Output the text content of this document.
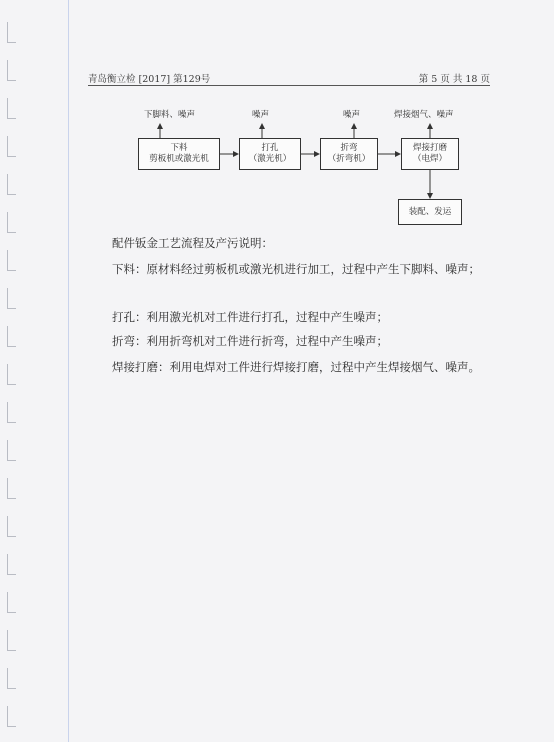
青岛衡立检 [2017] 第129号	第 5 页 共 18 页
下脚料、噪声	噪声	噪声	焊接烟气、噪声
下料
剪板机或激光机
打孔
（激光机）
折弯
（折弯机）
焊接打磨
（电焊）
装配、发运
配件钣金工艺流程及产污说明：
下料：原材料经过剪板机或激光机进行加工，过程中产生下脚料、噪声；
打孔：利用激光机对工件进行打孔，过程中产生噪声；
折弯：利用折弯机对工件进行折弯，过程中产生噪声；
焊接打磨：利用电焊对工件进行焊接打磨，过程中产生焊接烟气、噪声。
